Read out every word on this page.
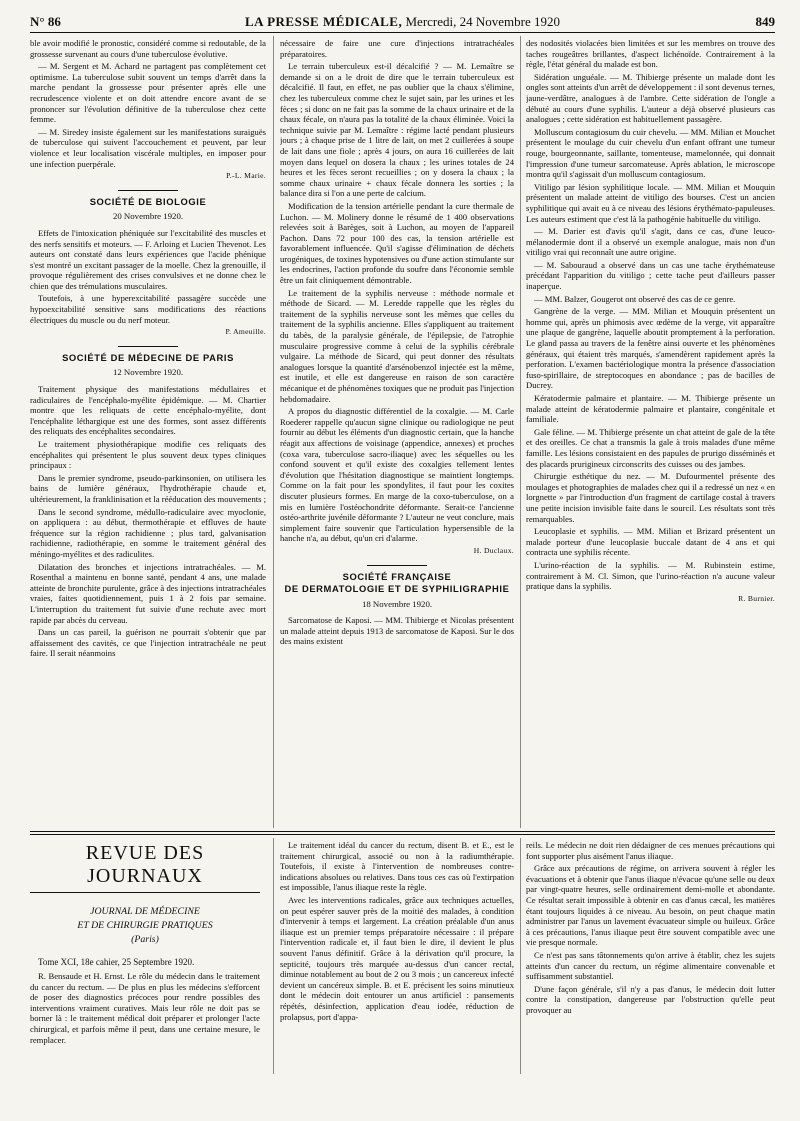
N° 86	LA PRESSE MÉDICALE, Mercredi, 24 Novembre 1920	849

ble avoir modifié le pronostic, considéré comme si redoutable, de la grossesse survenant au cours d'une tuberculose évolutive.

— M. Sergent et M. Achard ne partagent pas complètement cet optimisme. La tuberculose subit souvent un temps d'arrêt dans la marche pendant la grossesse pour présenter après elle une recrudescence violente et on doit attendre encore avant de se prononcer sur l'évolution définitive de la tuberculose chez cette femme.

— M. Siredey insiste également sur les manifestations suraiguës de tuberculose qui suivent l'accouchement et peuvent, par leur violence et leur localisation viscérale multiples, en imposer pour une infection puerpérale.

P.-L. Marie.
SOCIÉTÉ DE BIOLOGIE
20 Novembre 1920.

Effets de l'intoxication phéniquée sur l'excitabilité des muscles et des nerfs sensitifs et moteurs. — F. Arloing et Lucien Thevenot. Les auteurs ont constaté dans leurs expériences que l'acide phénique s'est montré un excitant passager de la moelle. Chez la grenouille, il provoque régulièrement des crises convulsives et ne donne chez le chien que des trémulations musculaires.

Toutefois, à une hyperexcitabilité passagère succède une hypoexcitabilité sensitive sans modifications des réactions électriques du muscle ou du nerf moteur.

P. Ameuille.
SOCIÉTÉ DE MÉDECINE DE PARIS
12 Novembre 1920.

Traitement physique des manifestations médullaires et radiculaires de l'encéphalo-myélite épidémique. — M. Chartier montre que les reliquats de cette encéphalo-myélite, dont l'encéphalite léthargique est une des formes, sont assez différents des reliquats des encéphalites secondaires.

Le traitement physiothérapique modifie ces reliquats des encéphalites qui présentent le plus souvent deux types cliniques principaux :

Dans le premier syndrome, pseudo-parkinsonien, on utilisera les bains de lumière généraux, l'hydrothérapie chaude et, ultérieurement, la franklinisation et la rééducation des mouvements ;

Dans le second syndrome, médullo-radiculaire avec myoclonie, on appliquera : au début, thermothérapie et effluves de haute fréquence sur la région rachidienne ; plus tard, galvanisation rachidienne, radiothérapie, en somme le traitement général des méningo-myélites et des radiculites.

Dilatation des bronches et injections intratrachéales. — M. Rosenthal a maintenu en bonne santé, pendant 4 ans, une malade atteinte de bronchite purulente, grâce à des injections intratrachéales vraies, faites quotidiennement, puis 1 à 2 fois par semaine. L'interruption du traitement fut suivie d'une rechute avec mort rapide par abcès du cerveau.

Dans un cas pareil, la guérison ne pourrait s'obtenir que par affaissement des cavités, ce que l'injection intratrachéale ne peut faire. Il serait néanmoins

nécessaire de faire une cure d'injections intratrachéales préparatoires.

Le terrain tuberculeux est-il décalcifié ? — M. Lemaître se demande si on a le droit de dire que le terrain tuberculeux est décalcifié. Il faut, en effet, ne pas oublier que la chaux s'élimine, chez les tuberculeux comme chez le sujet sain, par les urines et les fèces ; si donc on ne fait pas la somme de la chaux urinaire et de la chaux fécale, on n'aura pas la totalité de la chaux éliminée. Voici la technique suivie par M. Lemaître : régime lacté pendant plusieurs jours ; à chaque prise de 1 litre de lait, on met 2 cuillerées à soupe de lait dans une fiole ; après 4 jours, on aura 16 cuillerées de lait moyen dans lequel on dosera la chaux ; les urines totales de 24 heures et les fèces seront recueillies ; on y dosera la chaux ; la somme chaux urinaire + chaux fécale donnera les sorties ; la balance dira si l'on a une perte de calcium.

Modification de la tension artérielle pendant la cure thermale de Luchon. — M. Molinery donne le résumé de 1 400 observations relevées soit à Barèges, soit à Luchon, au moyen de l'appareil Pachon. Dans 72 pour 100 des cas, la tension artérielle est favorablement influencée. Qu'il s'agisse d'élimination de déchets urogéniques, de toxines hypotensives ou d'une action stimulante sur les endocrines, l'action profonde du soufre dans l'économie semble être un fait cliniquement démontrable.

Le traitement de la syphilis nerveuse : méthode normale et méthode de Sicard. — M. Leredde rappelle que les règles du traitement de la syphilis nerveuse sont les mêmes que celles du traitement de la syphilis ancienne. Elles s'appliquent au traitement du tabès, de la paralysie générale, de l'épilepsie, de l'atrophie musculaire progressive comme à celui de la syphilis cérébrale vulgaire. La méthode de Sicard, qui peut donner des résultats analogues lorsque la quantité d'arsénobenzol injectée est la même, est inutile, et elle est dangereuse en raison de son caractère mécanique et de phénomènes toxiques que ne produit pas l'injection hebdomadaire.

A propos du diagnostic différentiel de la coxalgie. — M. Carle Roederer rappelle qu'aucun signe clinique ou radiologique ne peut fournir au début les éléments d'un diagnostic certain, que la hanche réagit aux affections de voisinage (appendice, annexes) et proches (coxa vara, tuberculose sacro-iliaque) avec les séquelles ou les confond souvent et qu'il existe des coxalgies tellement lentes d'évolution que l'hésitation diagnostique se maintient longtemps. Comme on la fait pour les spondylites, il faut pour les coxites discuter plusieurs formes. En marge de la coxo-tuberculose, on a mis en lumière l'ostéochondrite déformante. Serait-ce l'ancienne ostéo-arthrite juvénile déformante ? L'auteur ne veut conclure, mais simplement faire souvenir que l'articulation hypersensible de la hanche n'a, au début, qu'un cri d'alarme.

H. Duclaux.
SOCIÉTÉ FRANÇAISE
DE DERMATOLOGIE ET DE SYPHILIGRAPHIE
18 Novembre 1920.

Sarcomatose de Kaposi. — MM. Thibierge et Nicolas présentent un malade atteint depuis 1913 de sarcomatose de Kaposi. Sur le dos des mains existent

des nodosités violacées bien limitées et sur les membres on trouve des taches rougeâtres brillantes, d'aspect lichénoïde. Contrairement à la règle, l'état général du malade est bon.

Sidération unguéale. — M. Thibierge présente un malade dont les ongles sont atteints d'un arrêt de développement : il sont devenus ternes, jaune-verdâtre, analogues à de l'ambre. Cette sidération de l'ongle a débuté au cours d'une syphilis. L'auteur a déjà observé plusieurs cas analogues ; cette sidération est habituellement passagère.

Molluscum contagiosum du cuir chevelu. — MM. Milian et Mouchet présentent le moulage du cuir chevelu d'un enfant offrant une tumeur rouge, bourgeonnante, saillante, tomenteuse, mamelonnée, qui donnait l'impression d'une tumeur sarcomateuse. Après ablation, le microscope montra qu'il s'agissait d'un molluscum contagiosum.

Vitiligo par lésion syphilitique locale. — MM. Milian et Mouquin présentent un malade atteint de vitiligo des bourses. C'est un ancien syphilitique qui avait eu à ce niveau des lésions érythémato-papuleuses. Les auteurs estiment que c'est là la pathogénie habituelle du vitiligo.

— M. Darier est d'avis qu'il s'agit, dans ce cas, d'une leuco-mélanodermie dont il a observé un exemple analogue, mais non d'un vitiligo vrai qui reconnaît une autre origine.

— M. Sabouraud a observé dans un cas une tache érythémateuse précédant l'apparition du vitiligo ; cette tache peut d'ailleurs passer inaperçue.

— MM. Balzer, Gougerot ont observé des cas de ce genre.

Gangrène de la verge. — MM. Milian et Mouquin présentent un homme qui, après un phimosis avec œdème de la verge, vit apparaître une plaque de gangrène, laquelle aboutit promptement à la perforation. Le gland passa au travers de la fenêtre ainsi ouverte et les phénomènes généraux, qui étaient très marqués, s'amendèrent rapidement après la perforation. L'examen bactériologique montra la présence d'association fuso-spirillaire, de streptocoques en abondance ; pas de bacilles de Ducrey.

Kératodermie palmaire et plantaire. — M. Thibierge présente un malade atteint de kératodermie palmaire et plantaire, congénitale et familiale.

Gale féline. — M. Thibierge présente un chat atteint de gale de la tête et des oreilles. Ce chat a transmis la gale à trois malades d'une même famille. Les lésions consistaient en des papules de prurigo disséminés et des placards prurigineux circonscrits des cuisses ou des jambes.

Chirurgie esthétique du nez. — M. Dufourmentel présente des moulages et photographies de malades chez qui il a redressé un nez « en lorgnette » par l'introduction d'un fragment de cartilage costal à travers une petite incision invisible faite dans le sourcil. Les résultats sont très remarquables.

Leucoplasie et syphilis. — MM. Milian et Brizard présentent un malade porteur d'une leucoplasie buccale datant de 4 ans et qui contracta une syphilis récente.

L'urino-réaction de la syphilis. — M. Rubinstein estime, contrairement à M. Cl. Simon, que l'urino-réaction n'a aucune valeur pratique dans la syphilis.

R. Burnier.
REVUE DES JOURNAUX
JOURNAL DE MÉDECINE
ET DE CHIRURGIE PRATIQUES
(Paris)
Tome XCI, 18e cahier, 25 Septembre 1920.

R. Bensaude et H. Ernst. Le rôle du médecin dans le traitement du cancer du rectum. — De plus en plus les médecins s'efforcent de poser des diagnostics précoces pour rendre possibles des interventions vraiment curatives. Mais leur rôle ne doit pas se borner là : le traitement médical doit préparer et prolonger l'acte chirurgical, et parfois même il peut, dans une certaine mesure, le remplacer.

Le traitement idéal du cancer du rectum, disent B. et E., est le traitement chirurgical, associé ou non à la radiumthérapie. Toutefois, il existe à l'intervention de nombreuses contre-indications absolues ou relatives. Dans tous ces cas où l'extirpation est impossible, l'anus iliaque reste la règle.

Avec les interventions radicales, grâce aux techniques actuelles, on peut espérer sauver près de la moitié des malades, à condition d'intervenir à temps et largement. La création préalable d'un anus iliaque est un premier temps préparatoire nécessaire : il prépare l'intervention radicale et, il faut bien le dire, il devient le plus souvent l'anus définitif. Grâce à la dérivation qu'il procure, la septicité, toujours très marquée au-dessus d'un cancer rectal, diminue notablement au bout de 2 ou 3 mois ; un cancereux infecté devient un cancéreux simple. B. et E. précisent les soins minutieux dont le médecin doit entourer un anus artificiel : pansements répétés, désinfection, application d'eau iodée, réduction de prolapsus, port d'appa-

reils. Le médecin ne doit rien dédaigner de ces menues précautions qui font supporter plus aisément l'anus iliaque.

Grâce aux précautions de régime, on arrivera souvent à régler les évacuations et à obtenir que l'anus iliaque n'évacue qu'une selle ou deux par vingt-quatre heures, selle ordinairement demi-molle et abondante. Ce résultat serait impossible à obtenir en cas d'anus cæcal, les matières étant toujours liquides à ce niveau. Au besoin, on peut chaque matin administrer par l'anus un lavement évacuateur simple ou huileux. Grâce à ces précautions, l'anus iliaque peut être souvent compatible avec une vie presque normale.

Ce n'est pas sans tâtonnements qu'on arrive à établir, chez les sujets atteints d'un cancer du rectum, un régime alimentaire convenable et suffisamment substantiel.

D'une façon générale, s'il n'y a pas d'anus, le médecin doit lutter contre la constipation, dangereuse par l'obstruction qu'elle peut provoquer au
